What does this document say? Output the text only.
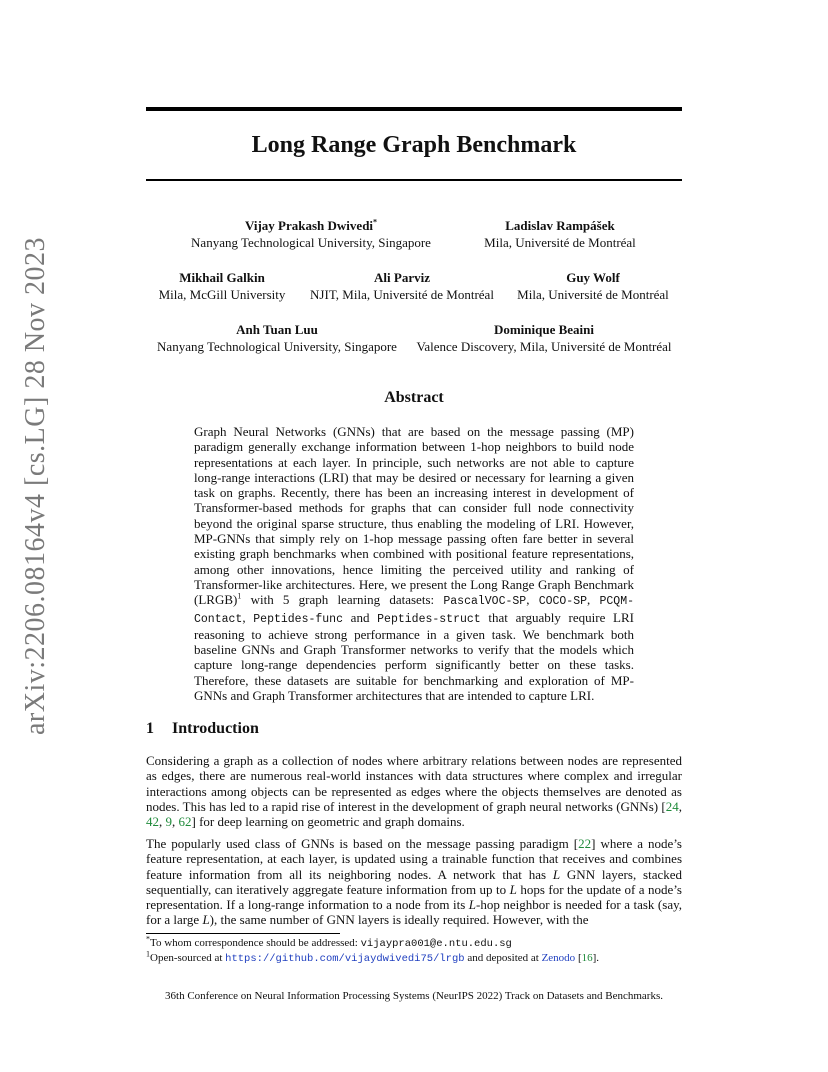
arXiv:2206.08164v4 [cs.LG] 28 Nov 2023
Long Range Graph Benchmark
Vijay Prakash Dwivedi*
Nanyang Technological University, Singapore
Ladislav Rampášek
Mila, Université de Montréal
Mikhail Galkin
Mila, McGill University
Ali Parviz
NJIT, Mila, Université de Montréal
Guy Wolf
Mila, Université de Montréal
Anh Tuan Luu
Nanyang Technological University, Singapore
Dominique Beaini
Valence Discovery, Mila, Université de Montréal
Abstract

Graph Neural Networks (GNNs) that are based on the message passing (MP) paradigm generally exchange information between 1-hop neighbors to build node representations at each layer. In principle, such networks are not able to capture long-range interactions (LRI) that may be desired or necessary for learning a given task on graphs. Recently, there has been an increasing interest in development of Transformer-based methods for graphs that can consider full node connectivity beyond the original sparse structure, thus enabling the modeling of LRI. However, MP-GNNs that simply rely on 1-hop message passing often fare better in several existing graph benchmarks when combined with positional feature representations, among other innovations, hence limiting the perceived utility and ranking of Transformer-like architectures. Here, we present the Long Range Graph Benchmark (LRGB)$^1$ with 5 graph learning datasets: PascalVOC-SP, COCO-SP, PCQM-Contact, Peptides-func and Peptides-struct that arguably require LRI reasoning to achieve strong performance in a given task. We benchmark both baseline GNNs and Graph Transformer networks to verify that the models which capture long-range dependencies perform significantly better on these tasks. Therefore, these datasets are suitable for benchmarking and exploration of MP-GNNs and Graph Transformer architectures that are intended to capture LRI.

1 Introduction

Considering a graph as a collection of nodes where arbitrary relations between nodes are represented as edges, there are numerous real-world instances with data structures where complex and irregular interactions among objects can be represented as edges where the objects themselves are denoted as nodes. This has led to a rapid rise of interest in the development of graph neural networks (GNNs) [24, 42, 9, 62] for deep learning on geometric and graph domains.

The popularly used class of GNNs is based on the message passing paradigm [22] where a node’s feature representation, at each layer, is updated using a trainable function that receives and combines feature information from all its neighboring nodes. A network that has L GNN layers, stacked sequentially, can iteratively aggregate feature information from up to L hops for the update of a node’s representation. If a long-range information to a node from its L-hop neighbor is needed for a task (say, for a large L), the same number of GNN layers is ideally required. However, with the

*To whom correspondence should be addressed: vijaypra001@e.ntu.edu.sg
$^1$Open-sourced at https://github.com/vijaydwivedi75/lrgb and deposited at Zenodo [16].
36th Conference on Neural Information Processing Systems (NeurIPS 2022) Track on Datasets and Benchmarks.
